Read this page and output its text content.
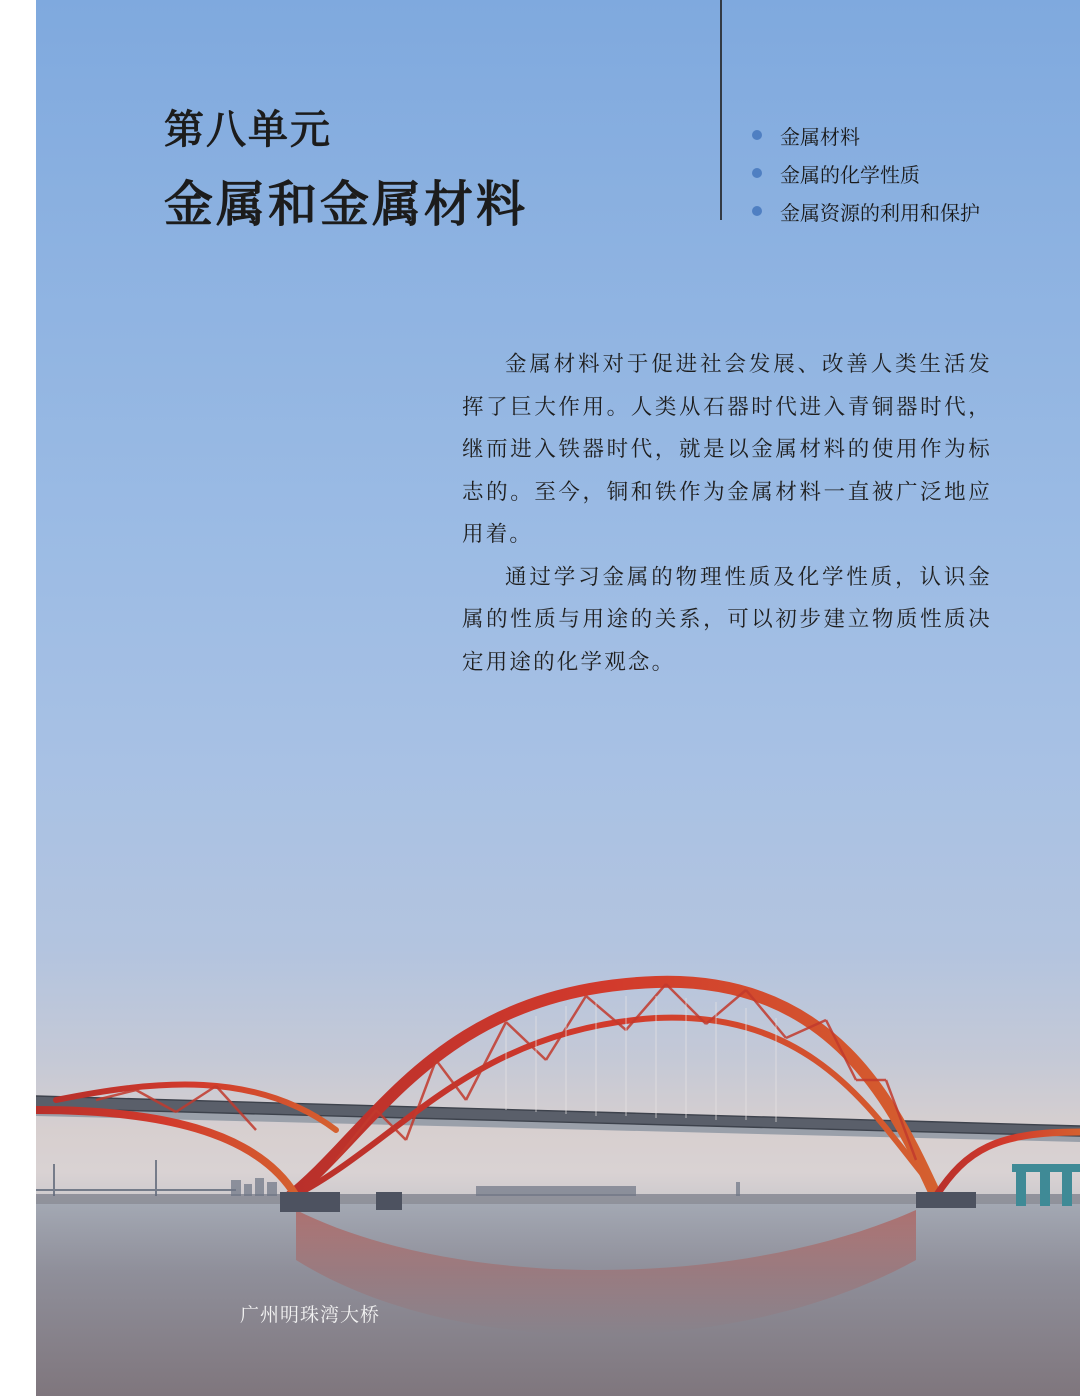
第八单元
金属和金属材料
金属材料
金属的化学性质
金属资源的利用和保护

金属材料对于促进社会发展、改善人类生活发挥了巨大作用。人类从石器时代进入青铜器时代，继而进入铁器时代，就是以金属材料的使用作为标志的。至今，铜和铁作为金属材料一直被广泛地应用着。

通过学习金属的物理性质及化学性质，认识金属的性质与用途的关系，可以初步建立物质性质决定用途的化学观念。

广州明珠湾大桥
